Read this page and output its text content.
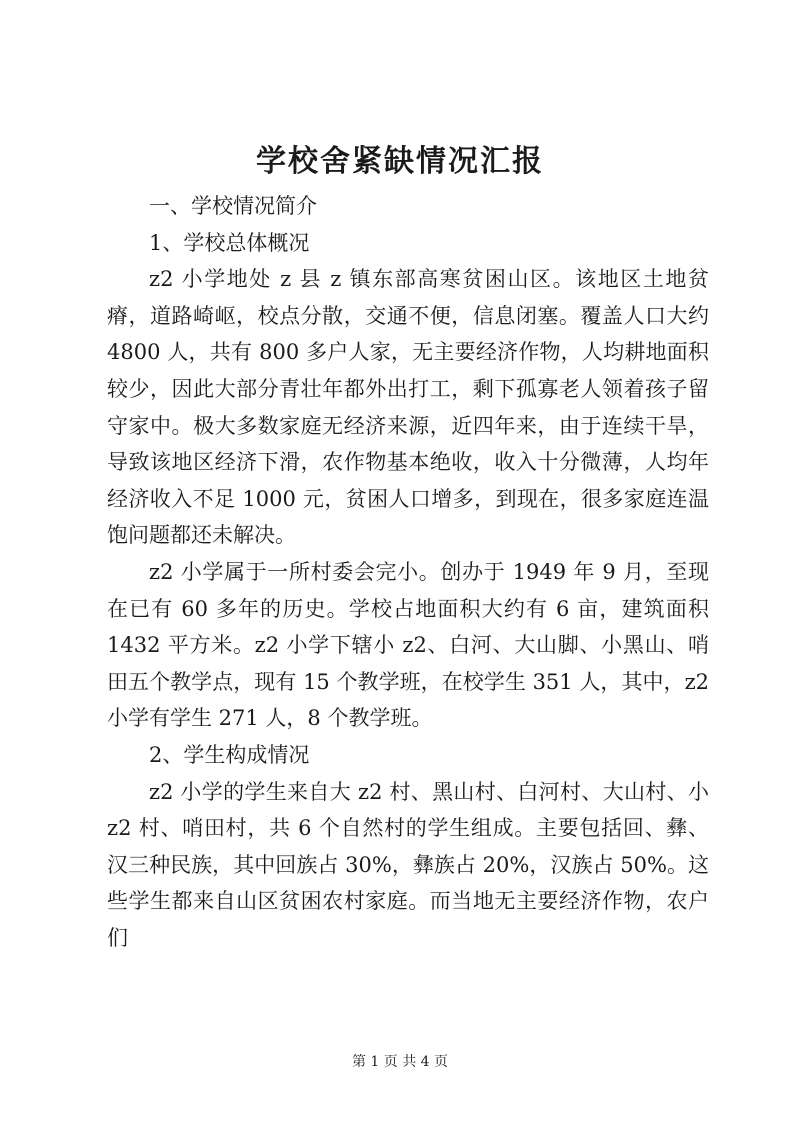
学校舍紧缺情况汇报

一、学校情况简介

1、学校总体概况

z2 小学地处 z 县 z 镇东部高寒贫困山区。该地区土地贫瘠，道路崎岖，校点分散，交通不便，信息闭塞。覆盖人口大约 4800 人，共有 800 多户人家，无主要经济作物，人均耕地面积较少，因此大部分青壮年都外出打工，剩下孤寡老人领着孩子留守家中。极大多数家庭无经济来源，近四年来，由于连续干旱，导致该地区经济下滑，农作物基本绝收，收入十分微薄，人均年经济收入不足 1000 元，贫困人口增多，到现在，很多家庭连温饱问题都还未解决。

z2 小学属于一所村委会完小。创办于 1949 年 9 月，至现在已有 60 多年的历史。学校占地面积大约有 6 亩，建筑面积 1432 平方米。z2 小学下辖小 z2、白河、大山脚、小黑山、哨田五个教学点，现有 15 个教学班，在校学生 351 人，其中，z2 小学有学生 271 人，8 个教学班。

2、学生构成情况

z2 小学的学生来自大 z2 村、黑山村、白河村、大山村、小 z2 村、哨田村，共 6 个自然村的学生组成。主要包括回、彝、汉三种民族，其中回族占 30%，彝族占 20%，汉族占 50%。这些学生都来自山区贫困农村家庭。而当地无主要经济作物，农户们

第 1 页 共 4 页
